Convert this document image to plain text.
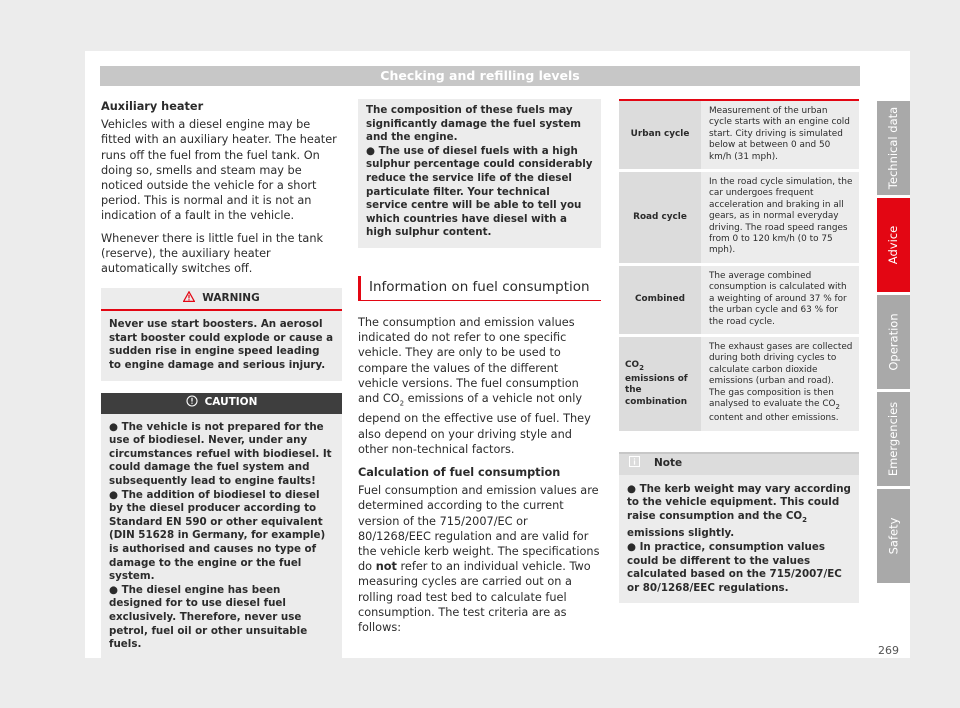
Checking and refilling levels
Auxiliary heater

Vehicles with a diesel engine may be fitted with an auxiliary heater. The heater runs off the fuel from the fuel tank. On doing so, smells and steam may be noticed outside the vehicle for a short period. This is normal and it is not an indication of a fault in the vehicle.

Whenever there is little fuel in the tank (reserve), the auxiliary heater automatically switches off.

WARNING

Never use start boosters. An aerosol start booster could explode or cause a sudden rise in engine speed leading to engine damage and serious injury.

CAUTION

● The vehicle is not prepared for the use of biodiesel. Never, under any circumstances refuel with biodiesel. It could damage the fuel system and subsequently lead to engine faults!

● The addition of biodiesel to diesel by the diesel producer according to Standard EN 590 or other equivalent (DIN 51628 in Germany, for example) is authorised and causes no type of damage to the engine or the fuel system.

● The diesel engine has been designed for to use diesel fuel exclusively. Therefore, never use petrol, fuel oil or other unsuitable fuels.

The composition of these fuels may significantly damage the fuel system and the engine.

● The use of diesel fuels with a high sulphur percentage could considerably reduce the service life of the diesel particulate filter. Your technical service centre will be able to tell you which countries have diesel with a high sulphur content.

Information on fuel consumption

The consumption and emission values indicated do not refer to one specific vehicle. They are only to be used to compare the values of the different vehicle versions. The fuel consumption and $CO_2$ emissions of a vehicle not only depend on the effective use of fuel. They also depend on your driving style and other non-technical factors.

Calculation of fuel consumption

Fuel consumption and emission values are determined according to the current version of the 715/2007/EC or 80/1268/EEC regulation and are valid for the vehicle kerb weight. The specifications do not refer to an individual vehicle. Two measuring cycles are carried out on a rolling road test bed to calculate fuel consumption. The test criteria are as follows:

Urban cycle	Measurement of the urban cycle starts with an engine cold start. City driving is simulated below at between 0 and 50 km/h (31 mph).
Road cycle	In the road cycle simulation, the car undergoes frequent acceleration and braking in all gears, as in normal everyday driving. The road speed ranges from 0 to 120 km/h (0 to 75 mph).
Combined	The average combined consumption is calculated with a weighting of around 37 % for the urban cycle and 63 % for the road cycle.
$CO_2$ emissions of the combination	The exhaust gases are collected during both driving cycles to calculate carbon dioxide emissions (urban and road). The gas composition is then analysed to evaluate the $CO_2$ content and other emissions.
Note

● The kerb weight may vary according to the vehicle equipment. This could raise consumption and the $CO_2$ emissions slightly.

● In practice, consumption values could be different to the values calculated based on the 715/2007/EC or 80/1268/EEC regulations.

Technical data
Advice
Operation
Emergencies
Safety
269
